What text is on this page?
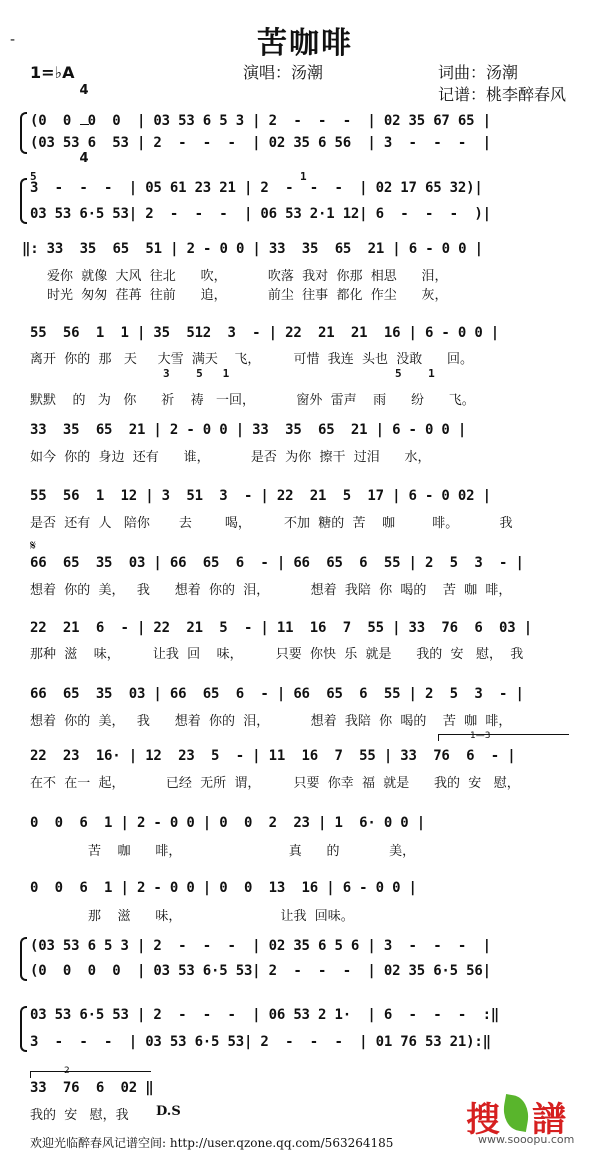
-	苦咖啡
1=♭A

4

4

演唱：汤潮	词曲：汤潮
记谱：桃李醉春风
(0  0  0  0  | 03 53 6 5 3 | 2  -  -  -  | 02 35 67 65 |
(03 53 6  53 | 2  -  -  -  | 02 35 6 56  | 3  -  -  -  |
5	1
3  -  -  -  | 05 61 23 21 | 2  -  -  -  | 02 17 65 32)|
03 53 6·5 53| 2  -  -  -  | 06 53 2·1 12| 6  -  -  -  )|
‖: 33  35  65  51 | 2 - 0 0 | 33  35  65  21 | 6 - 0 0 |
爱你  就像  大风  往北      吹，          吹落  我对  你那  相思      泪，
时光  匆匆  荏苒  往前      追，          前尘  往事  都化  作尘      灰，
55  56  1  1 | 35  512  3  - | 22  21  21  16 | 6 - 0 0 |
离开  你的  那   天     大雪  满天    飞，        可惜  我连  头也  没敢      回。
3    5   1	5    1
默默    的   为   你      祈    祷   一回，          窗外  雷声    雨      纷      飞。
33  35  65  21 | 2 - 0 0 | 33  35  65  21 | 6 - 0 0 |
如今  你的  身边  还有      谁，          是否  为你  擦干  过泪      水，
55  56  1  12 | 3  51  3  - | 22  21  5  17 | 6 - 0 02 |
是否  还有  人   陪你       去        喝，        不加  糖的  苦    咖         啡。          我
𝄋
66  65  35  03 | 66  65  6  - | 66  65  6  55 | 2  5  3  - |
想着  你的  美，   我      想着  你的  泪，          想着  我陪  你  喝的    苦  咖  啡，
22  21  6  - | 22  21  5  - | 11  16  7  55 | 33  76  6  03 |
那种  滋    味，        让我  回    味，        只要  你快  乐  就是      我的  安   慰，  我
66  65  35  03 | 66  65  6  - | 66  65  6  55 | 2  5  3  - |
想着  你的  美，   我      想着  你的  泪，          想着  我陪  你  喝的    苦  咖  啡，
1—3
22  23  16· | 12  23  5  - | 11  16  7  55 | 33  76  6  - |
在不  在一  起，          已经  无所  谓，        只要  你幸  福  就是      我的  安   慰，
0  0  6  1 | 2 - 0 0 | 0  0  2  23 | 1  6· 0 0 |
苦    咖      啡，                          真      的            美，
0  0  6  1 | 2 - 0 0 | 0  0  13  16 | 6 - 0 0 |
那    滋      味，                        让我  回味。
(03 53 6 5 3 | 2  -  -  -  | 02 35 6 5 6 | 3  -  -  -  |
(0  0  0  0  | 03 53 6·5 53| 2  -  -  -  | 02 35 6·5 56|
03 53 6·5 53 | 2  -  -  -  | 06 53 2 1·  | 6  -  -  -  :‖
3  -  -  -  | 03 53 6·5 53| 2  -  -  -  | 01 76 53 21):‖
2
33  76  6  02 ‖
我的  安   慰，我 D.S
欢迎光临醉春风记谱空间: http://user.qzone.qq.com/563264185
搜 譜
www.sooopu.com
